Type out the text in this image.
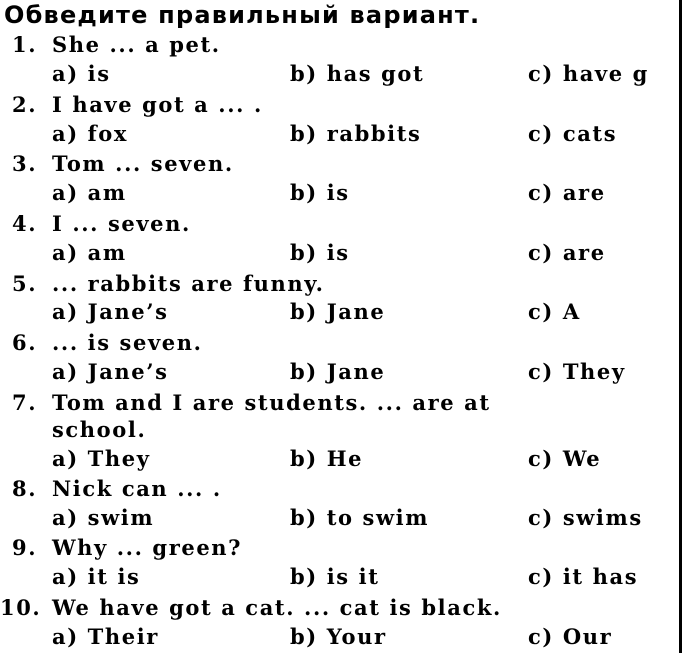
Обведите правильный вариант.
1. She ... a pet.
a) is	b) has got	c) have g
2. I have got a ... .
a) fox	b) rabbits	c) cats
3. Tom ... seven.
a) am	b) is	c) are
4. I ... seven.
a) am	b) is	c) are
5. ... rabbits are funny.
a) Jane’s	b) Jane	c) A
6. ... is seven.
a) Jane’s	b) Jane	c) They
7. Tom and I are students. ... are at
school.
a) They	b) He	c) We
8. Nick can ... .
a) swim	b) to swim	c) swims
9. Why ... green?
a) it is	b) is it	c) it has
10. We have got a cat. ... cat is black.
a) Their	b) Your	c) Our
